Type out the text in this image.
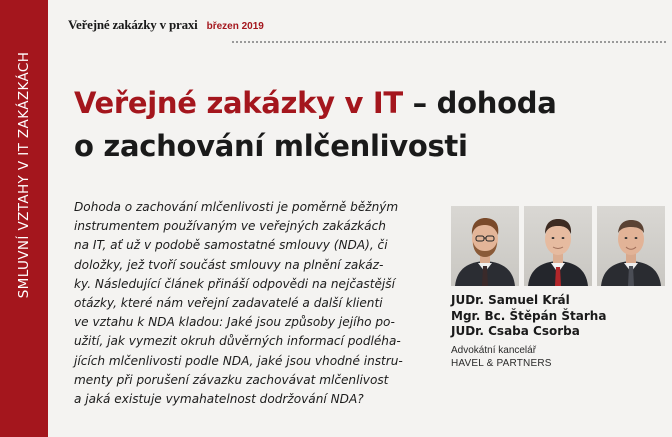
SMLUVNÍ VZTAHY V IT ZAKÁZKÁCH
Veřejné zakázky v praxi březen 2019
Veřejné zakázky v IT – dohoda
o zachování mlčenlivosti

Dohoda o zachování mlčenlivosti je poměrně běžným
instrumentem používaným ve veřejných zakázkách
na IT, ať už v podobě samostatné smlouvy (NDA), či
doložky, jež tvoří součást smlouvy na plnění zakáz-
ky. Následující článek přináší odpovědi na nejčastější
otázky, které nám veřejní zadavatelé a další klienti
ve vztahu k NDA kladou: Jaké jsou způsoby jejího po-
užití, jak vymezit okruh důvěrných informací podléha-
jících mlčenlivosti podle NDA, jaké jsou vhodné instru-
menty při porušení závazku zachovávat mlčenlivost
a jaká existuje vymahatelnost dodržování NDA?

JUDr. Samuel Král
Mgr. Bc. Štěpán Štarha
JUDr. Csaba Csorba
Advokátní kancelář
HAVEL & PARTNERS
